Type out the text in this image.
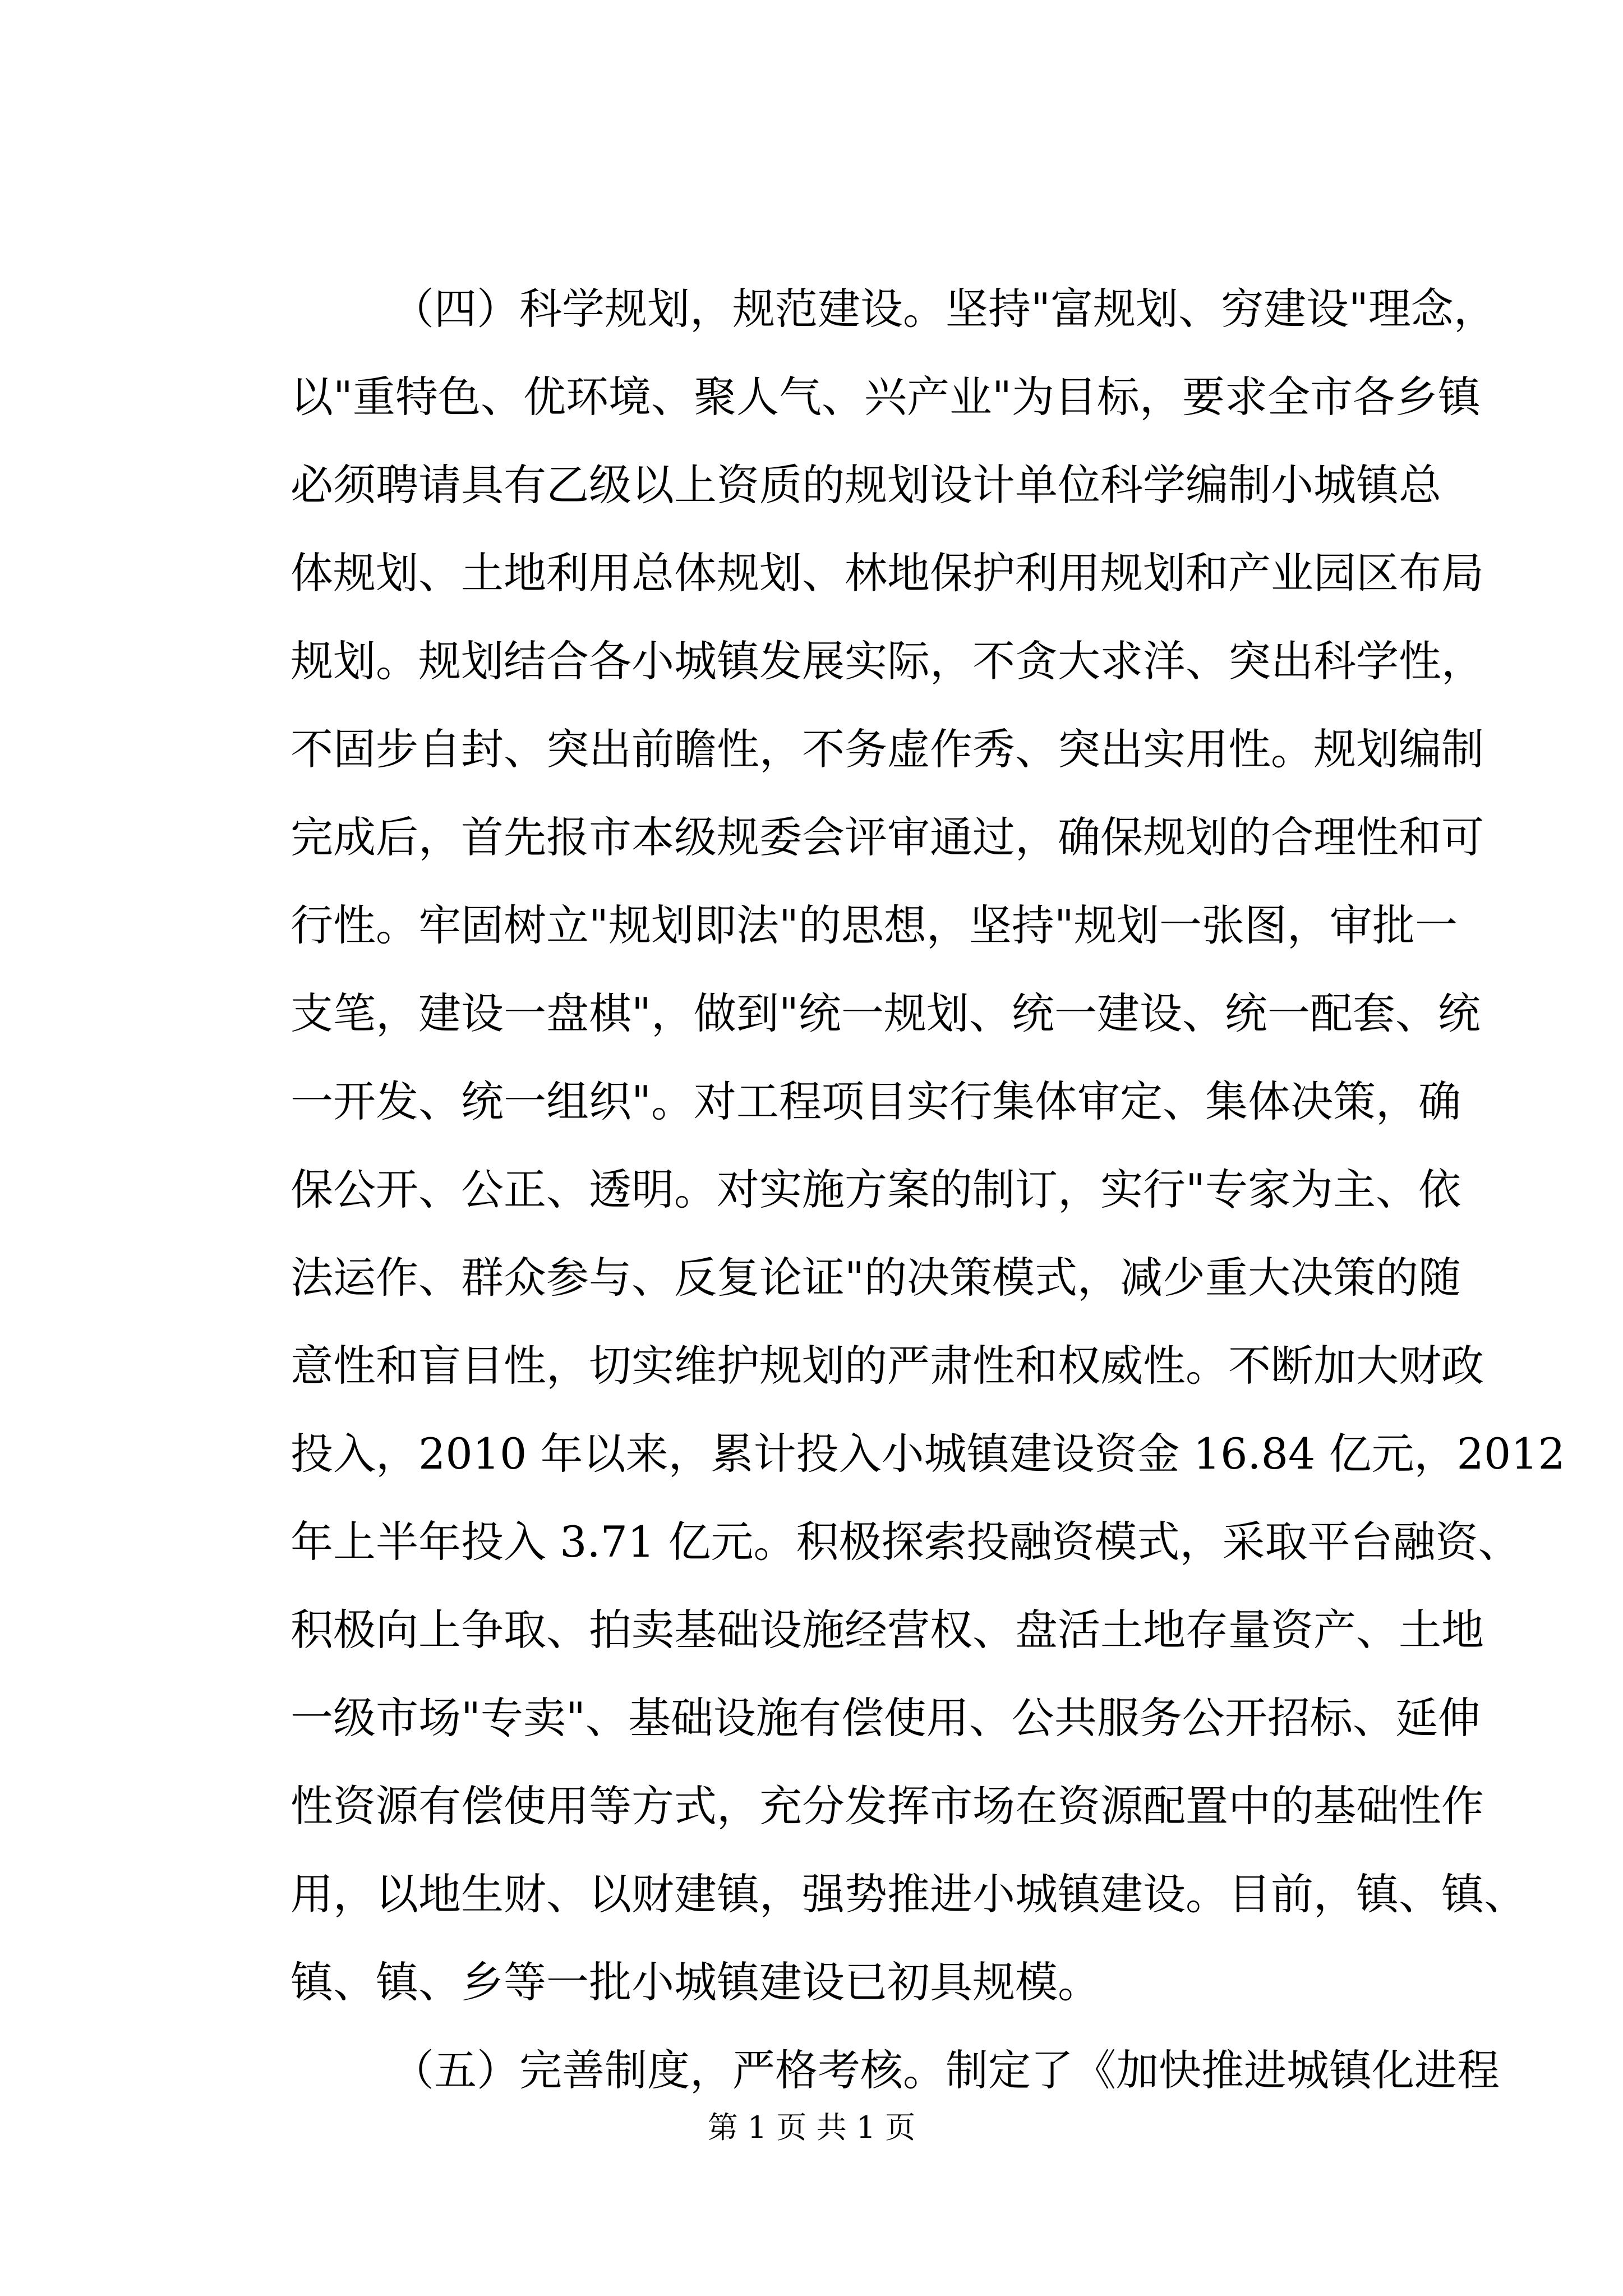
（四）科学规划，规范建设。坚持"富规划、穷建设"理念，
以"重特色、优环境、聚人气、兴产业"为目标，要求全市各乡镇
必须聘请具有乙级以上资质的规划设计单位科学编制小城镇总
体规划、土地利用总体规划、林地保护利用规划和产业园区布局
规划。规划结合各小城镇发展实际，不贪大求洋、突出科学性，
不固步自封、突出前瞻性，不务虚作秀、突出实用性。规划编制
完成后，首先报市本级规委会评审通过，确保规划的合理性和可
行性。牢固树立"规划即法"的思想，坚持"规划一张图，审批一
支笔，建设一盘棋"，做到"统一规划、统一建设、统一配套、统
一开发、统一组织"。对工程项目实行集体审定、集体决策，确
保公开、公正、透明。对实施方案的制订，实行"专家为主、依
法运作、群众参与、反复论证"的决策模式，减少重大决策的随
意性和盲目性，切实维护规划的严肃性和权威性。不断加大财政
投入，2010 年以来，累计投入小城镇建设资金 16.84 亿元，2012
年上半年投入 3.71 亿元。积极探索投融资模式，采取平台融资、
积极向上争取、拍卖基础设施经营权、盘活土地存量资产、土地
一级市场"专卖"、基础设施有偿使用、公共服务公开招标、延伸
性资源有偿使用等方式，充分发挥市场在资源配置中的基础性作
用，以地生财、以财建镇，强势推进小城镇建设。目前，镇、镇、
镇、镇、乡等一批小城镇建设已初具规模。
（五）完善制度，严格考核。制定了《加快推进城镇化进程
第 1 页 共 1 页
